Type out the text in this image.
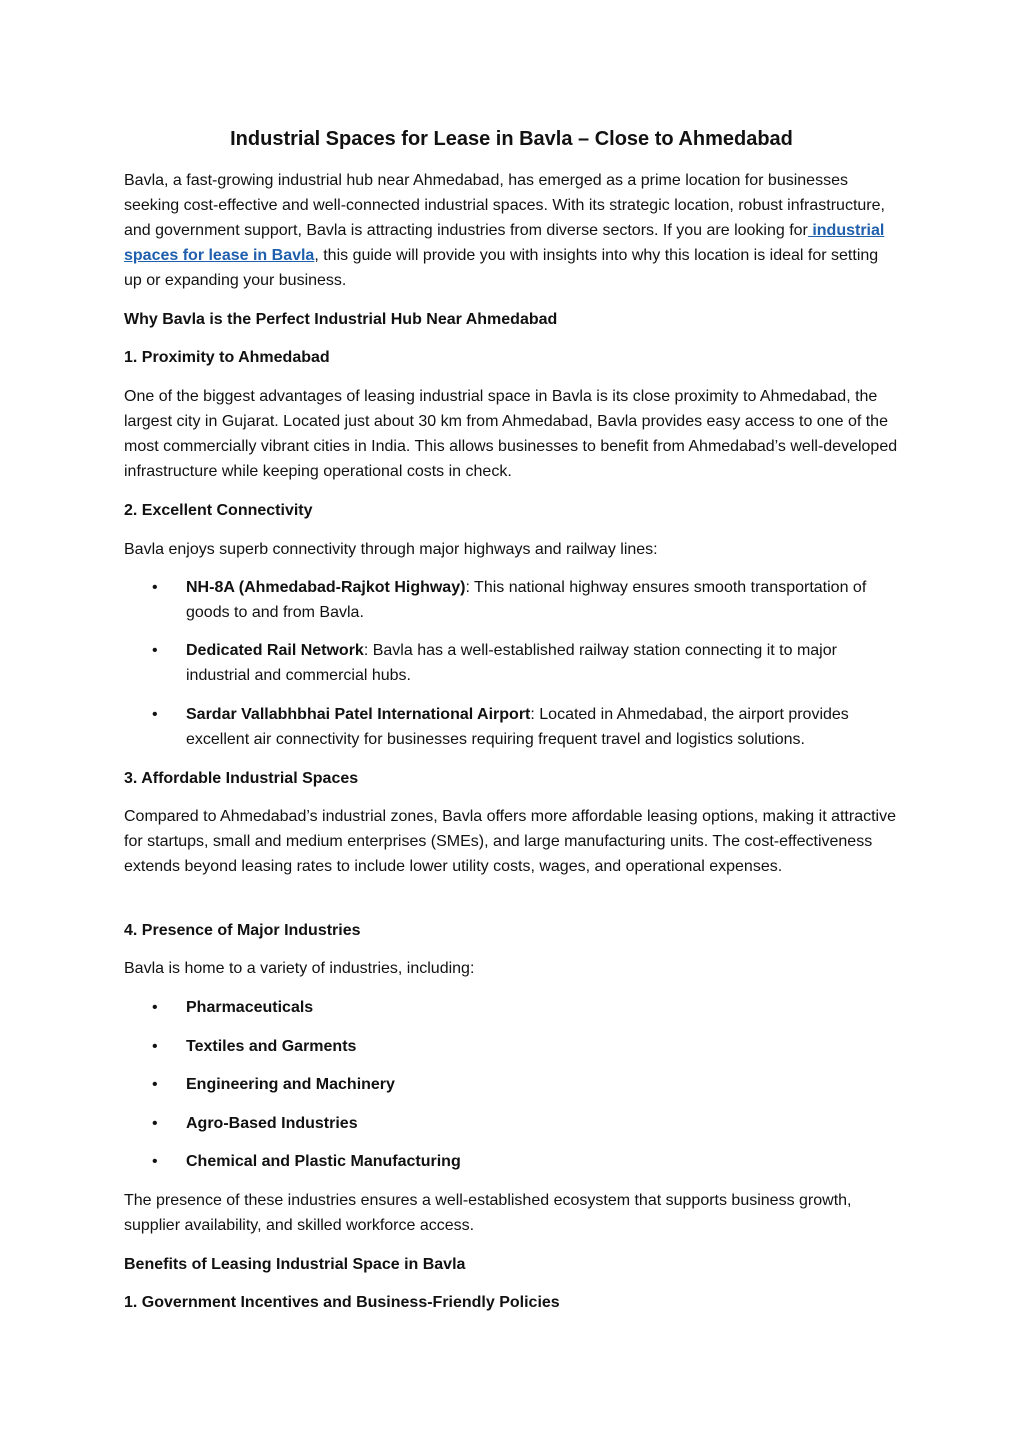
Industrial Spaces for Lease in Bavla – Close to Ahmedabad

Bavla, a fast-growing industrial hub near Ahmedabad, has emerged as a prime location for businesses seeking cost-effective and well-connected industrial spaces. With its strategic location, robust infrastructure, and government support, Bavla is attracting industries from diverse sectors. If you are looking for industrial spaces for lease in Bavla, this guide will provide you with insights into why this location is ideal for setting up or expanding your business.

Why Bavla is the Perfect Industrial Hub Near Ahmedabad

1. Proximity to Ahmedabad

One of the biggest advantages of leasing industrial space in Bavla is its close proximity to Ahmedabad, the largest city in Gujarat. Located just about 30 km from Ahmedabad, Bavla provides easy access to one of the most commercially vibrant cities in India. This allows businesses to benefit from Ahmedabad’s well-developed infrastructure while keeping operational costs in check.

2. Excellent Connectivity

Bavla enjoys superb connectivity through major highways and railway lines:

• NH-8A (Ahmedabad-Rajkot Highway): This national highway ensures smooth transportation of goods to and from Bavla.
• Dedicated Rail Network: Bavla has a well-established railway station connecting it to major industrial and commercial hubs.
• Sardar Vallabhbhai Patel International Airport: Located in Ahmedabad, the airport provides excellent air connectivity for businesses requiring frequent travel and logistics solutions.

3. Affordable Industrial Spaces

Compared to Ahmedabad’s industrial zones, Bavla offers more affordable leasing options, making it attractive for startups, small and medium enterprises (SMEs), and large manufacturing units. The cost-effectiveness extends beyond leasing rates to include lower utility costs, wages, and operational expenses.

4. Presence of Major Industries

Bavla is home to a variety of industries, including:

• Pharmaceuticals
• Textiles and Garments
• Engineering and Machinery
• Agro-Based Industries
• Chemical and Plastic Manufacturing

The presence of these industries ensures a well-established ecosystem that supports business growth, supplier availability, and skilled workforce access.

Benefits of Leasing Industrial Space in Bavla

1. Government Incentives and Business-Friendly Policies
